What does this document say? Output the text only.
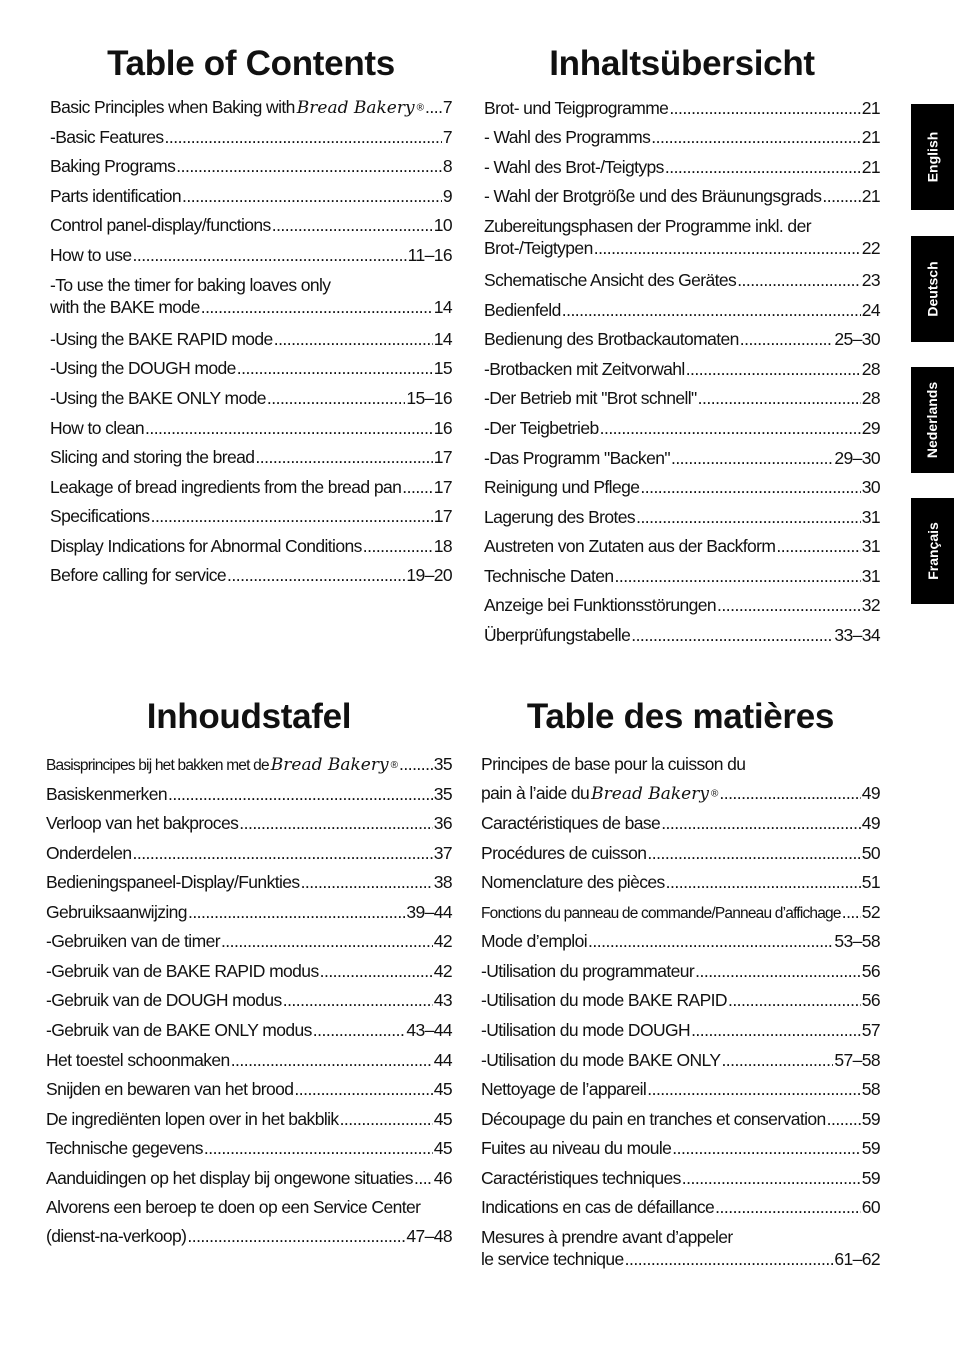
Table of Contents
Basic Principles when Baking with Bread Bakery ® ..... 7
-Basic Features .....	7
Baking Programs .....	8
Parts identification .....	9
Control panel-display/functions .....	10
How to use .....	11–16
-To use the timer for baking loaves only
with the BAKE mode .....	14
-Using the BAKE RAPID mode .....	14
-Using the DOUGH mode .....	15
-Using the BAKE ONLY mode .....	15–16
How to clean .....	16
Slicing and storing the bread .....	17
Leakage of bread ingredients from the bread pan ..... 17
Specifications .....	17
Display Indications for Abnormal Conditions .....	18
Before calling for service .....	19–20
Inhaltsübersicht
Brot- und Teigprogramme .....	21
- Wahl des Programms .....	21
- Wahl des Brot-/Teigtyps .....	21
- Wahl der Brotgröße und des Bräunungsgrads ..... 21
Zubereitungsphasen der Programme inkl. der
Brot-/Teigtypen .....	22
Schematische Ansicht des Gerätes .....	23
Bedienfeld .....	24
Bedienung des Brotbackautomaten .....	25–30
-Brotbacken mit Zeitvorwahl .....	28
-Der Betrieb mit "Brot schnell" .....	28
-Der Teigbetrieb .....	29
-Das Programm "Backen" .....	29–30
Reinigung und Pflege .....	30
Lagerung des Brotes .....	31
Austreten von Zutaten aus der Backform .....	31
Technische Daten .....	31
Anzeige bei Funktionsstörungen .....	32
Überprüfungstabelle .....	33–34
Inhoudstafel
Basisprincipes bij het bakken met de Bread Bakery ® ..... 35
Basiskenmerken .....	35
Verloop van het bakproces .....	36
Onderdelen .....	37
Bedieningspaneel-Display/Funkties .....	38
Gebruiksaanwijzing .....	39–44
-Gebruiken van de timer .....	42
-Gebruik van de BAKE RAPID modus .....	42
-Gebruik van de DOUGH modus .....	43
-Gebruik van de BAKE ONLY modus .....	43–44
Het toestel schoonmaken .....	44
Snijden en bewaren van het brood .....	45
De ingrediënten lopen over in het bakblik .....	45
Technische gegevens .....	45
Aanduidingen op het display bij ongewone situaties ..... 46
Alvorens een beroep te doen op een Service Center
(dienst-na-verkoop) .....	47–48
Table des matières
Principes de base pour la cuisson du
pain à l’aide du Bread Bakery ® .....	49
Caractéristiques de base .....	49
Procédures de cuisson .....	50
Nomenclature des pièces .....	51
Fonctions du panneau de commande/Panneau d’affichage ..... 52
Mode d’emploi .....	53–58
-Utilisation du programmateur .....	56
-Utilisation du mode BAKE RAPID .....	56
-Utilisation du mode DOUGH .....	57
-Utilisation du mode BAKE ONLY .....	57–58
Nettoyage de l’appareil .....	58
Découpage du pain en tranches et conservation ..... 59
Fuites au niveau du moule .....	59
Caractéristiques techniques .....	59
Indications en cas de défaillance .....	60
Mesures à prendre avant d’appeler
le service technique .....	61–62
English
Deutsch
Nederlands
Français
